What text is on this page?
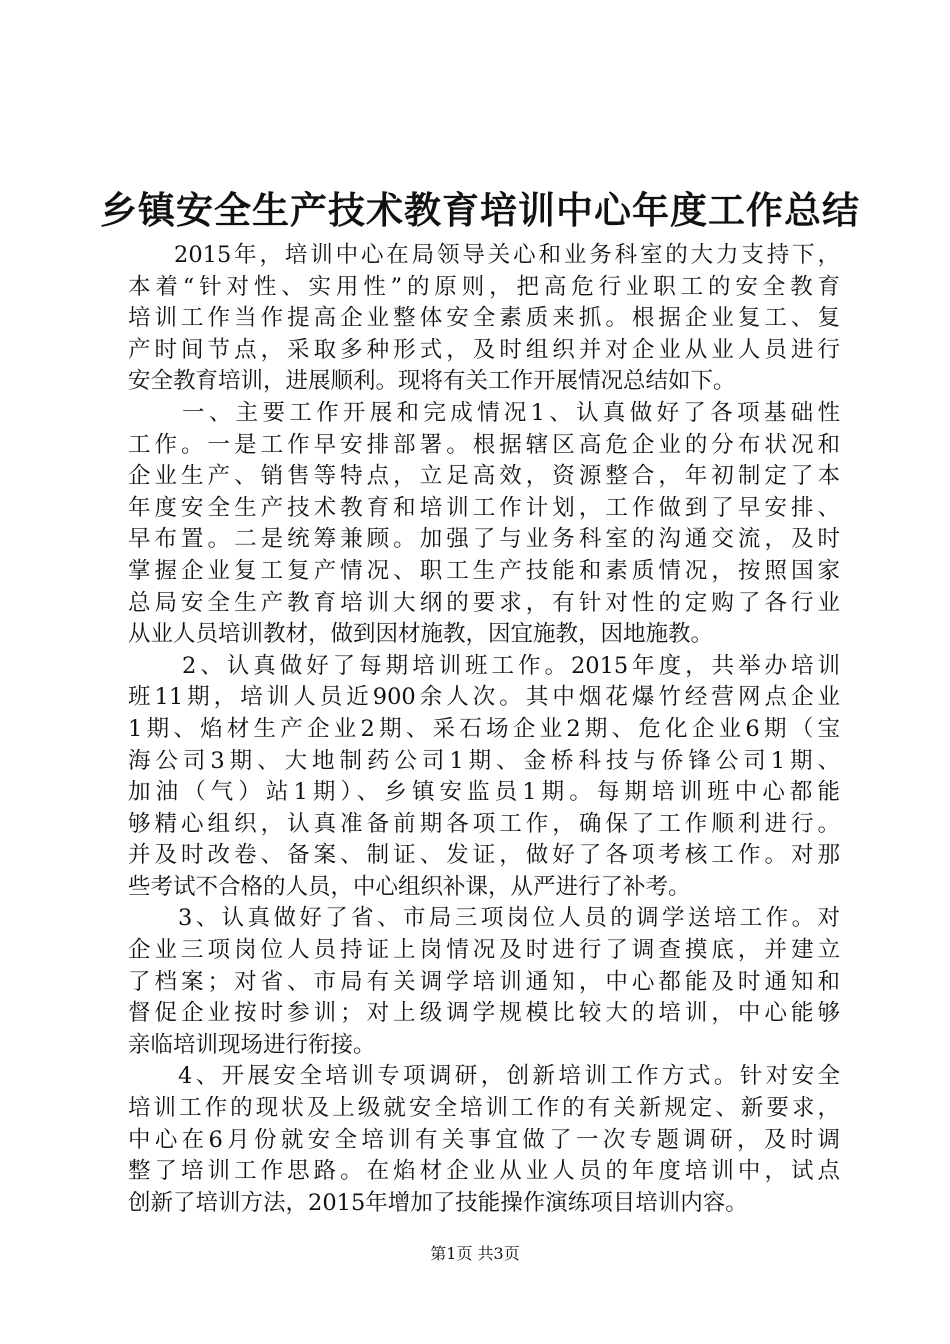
乡镇安全生产技术教育培训中心年度工作总结
2015年，培训中心在局领导关心和业务科室的大力支持下，
本着“针对性、实用性”的原则，把高危行业职工的安全教育
培训工作当作提高企业整体安全素质来抓。根据企业复工、复
产时间节点，采取多种形式，及时组织并对企业从业人员进行
安全教育培训，进展顺利。现将有关工作开展情况总结如下。
一、主要工作开展和完成情况1、认真做好了各项基础性
工作。一是工作早安排部署。根据辖区高危企业的分布状况和
企业生产、销售等特点，立足高效，资源整合，年初制定了本
年度安全生产技术教育和培训工作计划，工作做到了早安排、
早布置。二是统筹兼顾。加强了与业务科室的沟通交流，及时
掌握企业复工复产情况、职工生产技能和素质情况，按照国家
总局安全生产教育培训大纲的要求，有针对性的定购了各行业
从业人员培训教材，做到因材施教，因宜施教，因地施教。
2、认真做好了每期培训班工作。2015年度，共举办培训
班11期，培训人员近900余人次。其中烟花爆竹经营网点企业
1期、焰材生产企业2期、采石场企业2期、危化企业6期（宝
海公司3期、大地制药公司1期、金桥科技与侨锋公司1期、
加油（气）站1期）、乡镇安监员1期。每期培训班中心都能
够精心组织，认真准备前期各项工作，确保了工作顺利进行。
并及时改卷、备案、制证、发证，做好了各项考核工作。对那
些考试不合格的人员，中心组织补课，从严进行了补考。
3、认真做好了省、市局三项岗位人员的调学送培工作。对
企业三项岗位人员持证上岗情况及时进行了调查摸底，并建立
了档案；对省、市局有关调学培训通知，中心都能及时通知和
督促企业按时参训；对上级调学规模比较大的培训，中心能够
亲临培训现场进行衔接。
4、开展安全培训专项调研，创新培训工作方式。针对安全
培训工作的现状及上级就安全培训工作的有关新规定、新要求，
中心在6月份就安全培训有关事宜做了一次专题调研，及时调
整了培训工作思路。在焰材企业从业人员的年度培训中，试点
创新了培训方法，2015年增加了技能操作演练项目培训内容。
第1页 共3页
